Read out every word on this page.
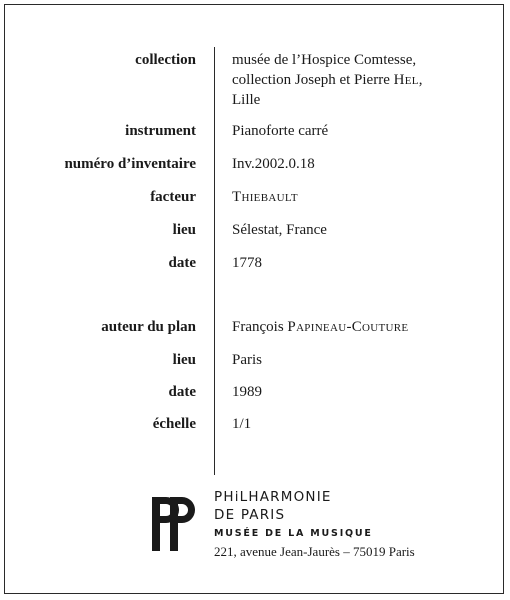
collection musée de l’Hospice Comtesse,
collection Joseph et Pierre Hel,
Lille
instrument Pianoforte carré
numéro d’inventaire Inv.2002.0.18
facteur Thiebault
lieu Sélestat, France
date 1778
auteur du plan François Papineau-Couture
lieu Paris
date 1989
échelle 1/1
PHiLHARMONIE
DE PARIS
MUSÉE DE LA MUSIQUE
221, avenue Jean-Jaurès – 75019 Paris
